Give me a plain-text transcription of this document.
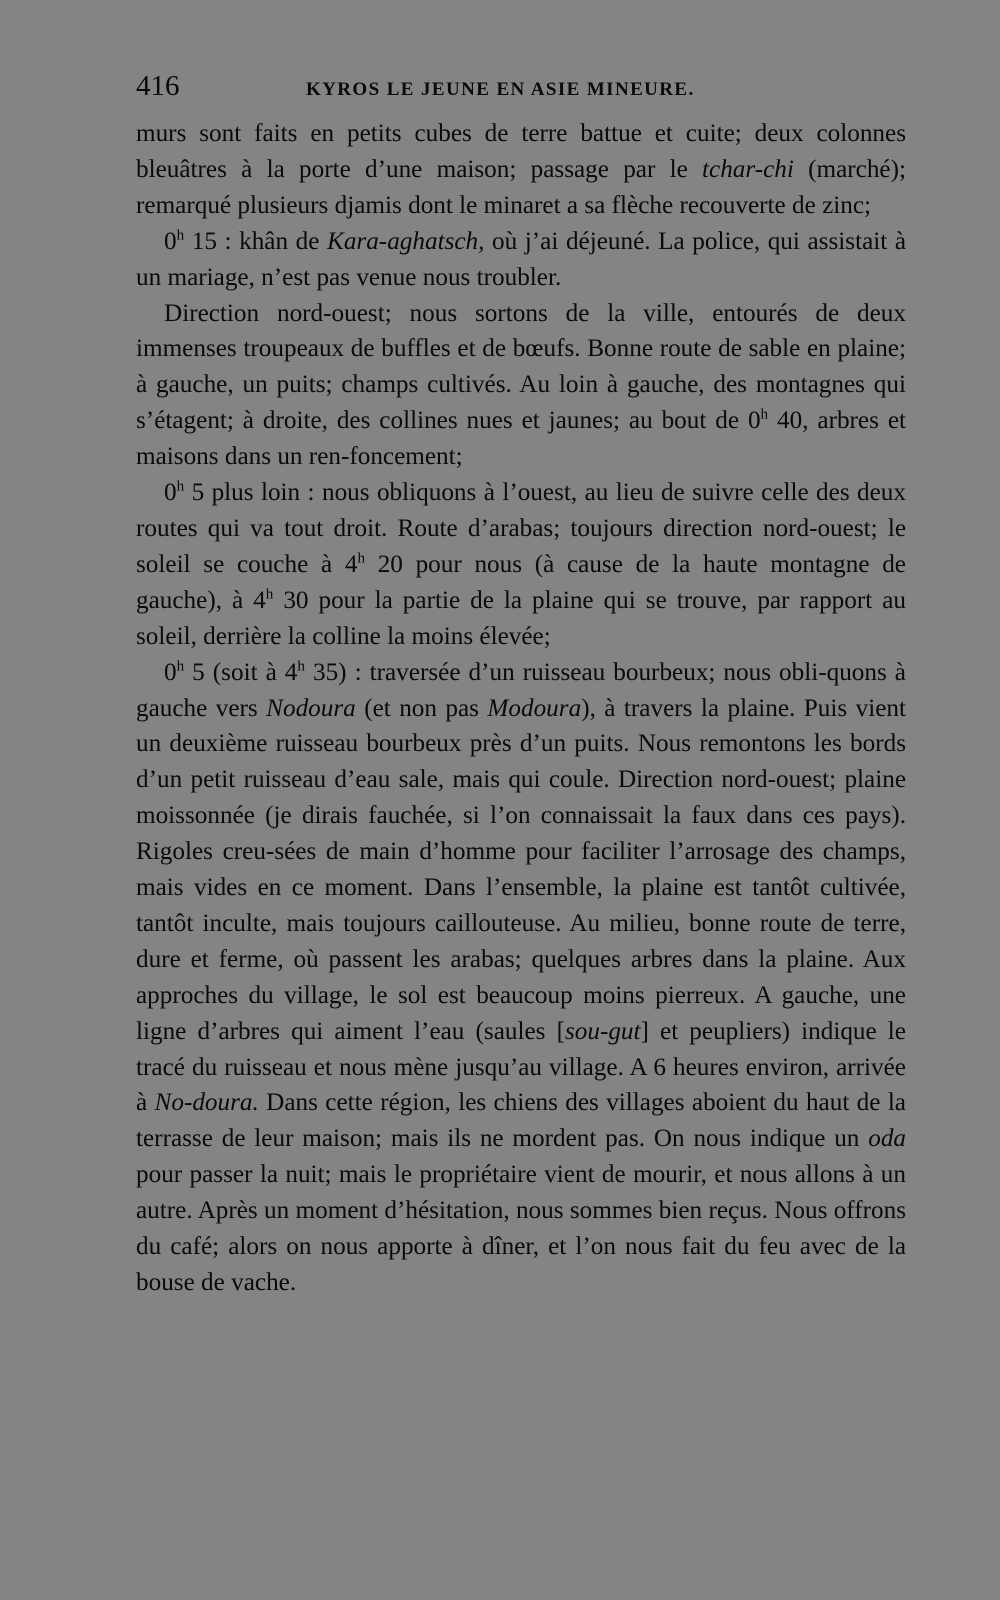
416	KYROS LE JEUNE EN ASIE MINEURE.

murs sont faits en petits cubes de terre battue et cuite; deux colonnes bleuâtres à la porte d’une maison; passage par le tchar-chi (marché); remarqué plusieurs djamis dont le minaret a sa flèche recouverte de zinc;

0$^h$ 15 : khân de Kara-aghatsch, où j’ai déjeuné. La police, qui assistait à un mariage, n’est pas venue nous troubler.

Direction nord-ouest; nous sortons de la ville, entourés de deux immenses troupeaux de buffles et de bœufs. Bonne route de sable en plaine; à gauche, un puits; champs cultivés. Au loin à gauche, des montagnes qui s’étagent; à droite, des collines nues et jaunes; au bout de 0$^h$ 40, arbres et maisons dans un ren-foncement;

0$^h$ 5 plus loin : nous obliquons à l’ouest, au lieu de suivre celle des deux routes qui va tout droit. Route d’arabas; toujours direction nord-ouest; le soleil se couche à 4$^h$ 20 pour nous (à cause de la haute montagne de gauche), à 4$^h$ 30 pour la partie de la plaine qui se trouve, par rapport au soleil, derrière la colline la moins élevée;

0$^h$ 5 (soit à 4$^h$ 35) : traversée d’un ruisseau bourbeux; nous obli-quons à gauche vers Nodoura (et non pas Modoura), à travers la plaine. Puis vient un deuxième ruisseau bourbeux près d’un puits. Nous remontons les bords d’un petit ruisseau d’eau sale, mais qui coule. Direction nord-ouest; plaine moissonnée (je dirais fauchée, si l’on connaissait la faux dans ces pays). Rigoles creu-sées de main d’homme pour faciliter l’arrosage des champs, mais vides en ce moment. Dans l’ensemble, la plaine est tantôt cultivée, tantôt inculte, mais toujours caillouteuse. Au milieu, bonne route de terre, dure et ferme, où passent les arabas; quelques arbres dans la plaine. Aux approches du village, le sol est beaucoup moins pierreux. A gauche, une ligne d’arbres qui aiment l’eau (saules [sou-gut] et peupliers) indique le tracé du ruisseau et nous mène jusqu’au village. A 6 heures environ, arrivée à No-doura. Dans cette région, les chiens des villages aboient du haut de la terrasse de leur maison; mais ils ne mordent pas. On nous indique un oda pour passer la nuit; mais le propriétaire vient de mourir, et nous allons à un autre. Après un moment d’hésitation, nous sommes bien reçus. Nous offrons du café; alors on nous apporte à dîner, et l’on nous fait du feu avec de la bouse de vache.
